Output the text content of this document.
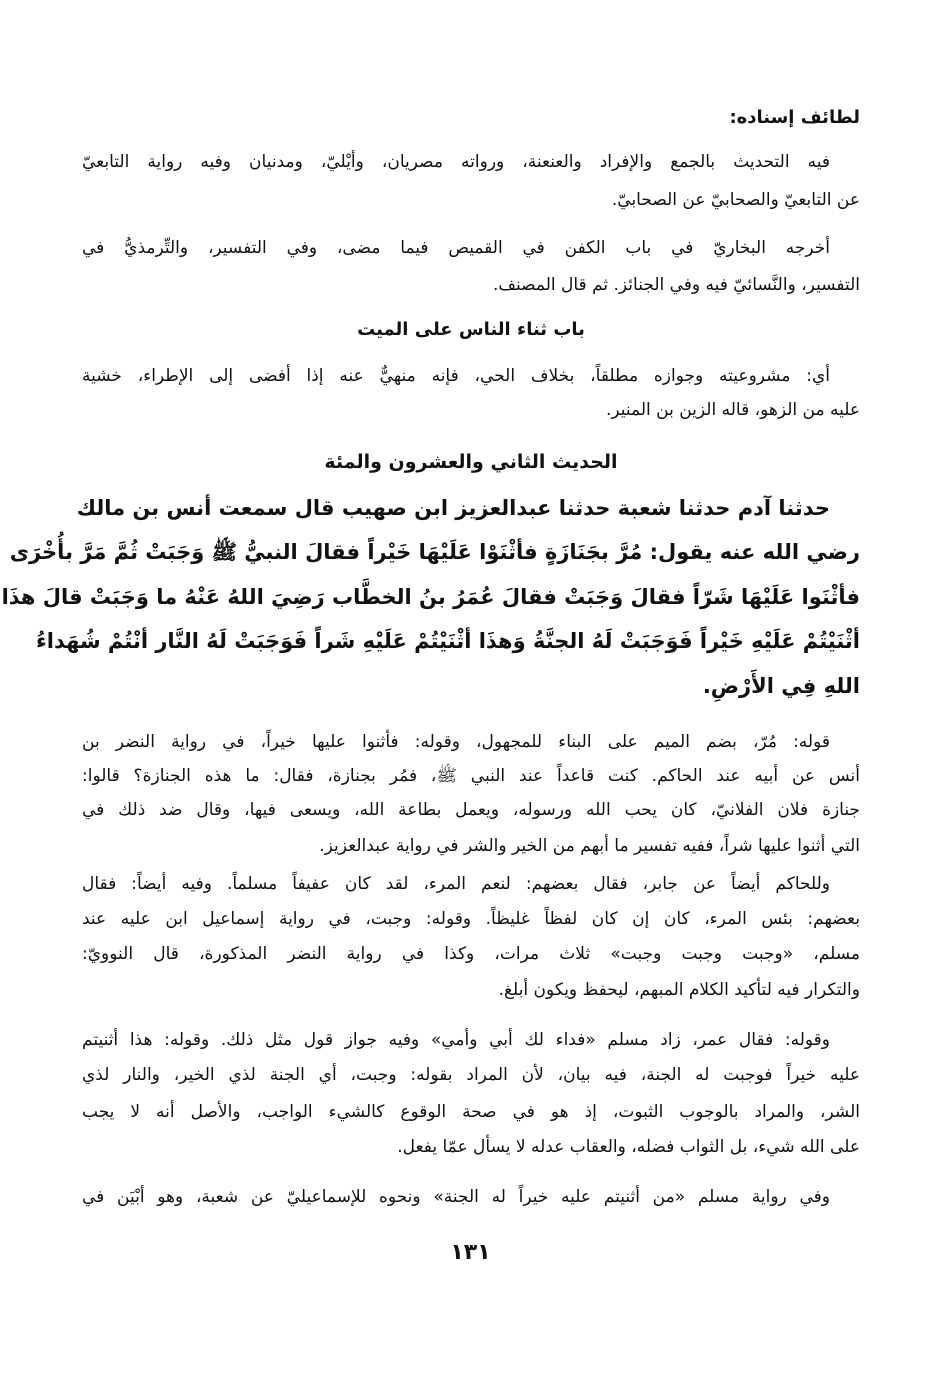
لطائف إسناده:
فيه التحديث بالجمع والإفراد والعنعنة، ورواته مصريان، وأيْليّ، ومدنيان وفيه رواية التابعيّ
عن التابعيّ والصحابيّ عن الصحابيّ.
أخرجه البخاريّ في باب الكفن في القميص فيما مضى، وفي التفسير، والتِّرمذيُّ في
التفسير، والنَّسائيّ فيه وفي الجنائز. ثم قال المصنف.
باب ثناء الناس على الميت
أي: مشروعيته وجوازه مطلقاً، بخلاف الحي، فإنه منهيٌّ عنه إذا أفضى إلى الإطراء، خشية
عليه من الزهو، قاله الزين بن المنير.
الحديث الثاني والعشرون والمئة
حدثنا آدم حدثنا شعبة حدثنا عبدالعزيز ابن صهيب قال سمعت أنس بن مالك
رضي الله عنه يقول: مُرَّ بجَنَازَةٍ فأثْنَوْا عَلَيْهَا خَيْراً فقالَ النبيُّ ﷺ وَجَبَتْ ثُمَّ مَرَّ بأُخْرَى
فأثْنَوا عَلَيْهَا شَرّاً فقالَ وَجَبَتْ فقالَ عُمَرُ بنُ الخطَّاب رَضِيَ اللهُ عَنْهُ ما وَجَبَتْ قالَ هذَا
أثْنَيْتُمْ عَلَيْهِ خَيْراً فَوَجَبَتْ لَهُ الجنَّةُ وَهذَا أثْنَيْتُمْ عَلَيْهِ شَراً فَوَجَبَتْ لَهُ النَّار أنْتُمْ شُهَداءُ
اللهِ فِي الأَرْضِ.
قوله: مُرّ، بضم الميم على البناء للمجهول، وقوله: فأثنوا عليها خيراً، في رواية النضر بن
أنس عن أبيه عند الحاكم. كنت قاعداً عند النبي ﷺ، فمُر بجنازة، فقال: ما هذه الجنازة؟ قالوا:
جنازة فلان الفلانيّ، كان يحب الله ورسوله، ويعمل بطاعة الله، ويسعى فيها، وقال ضد ذلك في
التي أثنوا عليها شراً، ففيه تفسير ما أبهم من الخير والشر في رواية عبدالعزيز.
وللحاكم أيضاً عن جابر، فقال بعضهم: لنعم المرء، لقد كان عفيفاً مسلماً. وفيه أيضاً: فقال
بعضهم: بئس المرء، كان إن كان لفظاً غليظاً. وقوله: وجبت، في رواية إسماعيل ابن عليه عند
مسلم، «وجبت وجبت وجبت» ثلاث مرات، وكذا في رواية النضر المذكورة، قال النوويّ:
والتكرار فيه لتأكيد الكلام المبهم، ليحفظ ويكون أبلغ.
وقوله: فقال عمر، زاد مسلم «فداء لك أبي وأمي» وفيه جواز قول مثل ذلك. وقوله: هذا أثنيتم
عليه خيراً فوجبت له الجنة، فيه بيان، لأن المراد بقوله: وجبت، أي الجنة لذي الخير، والنار لذي
الشر، والمراد بالوجوب الثبوت، إذ هو في صحة الوقوع كالشيء الواجب، والأصل أنه لا يجب
على الله شيء، بل الثواب فضله، والعقاب عدله لا يسأل عمّا يفعل.
وفي رواية مسلم «من أثنيتم عليه خيراً له الجنة» ونحوه للإسماعيليّ عن شعبة، وهو أبْيَن في
١٣١
